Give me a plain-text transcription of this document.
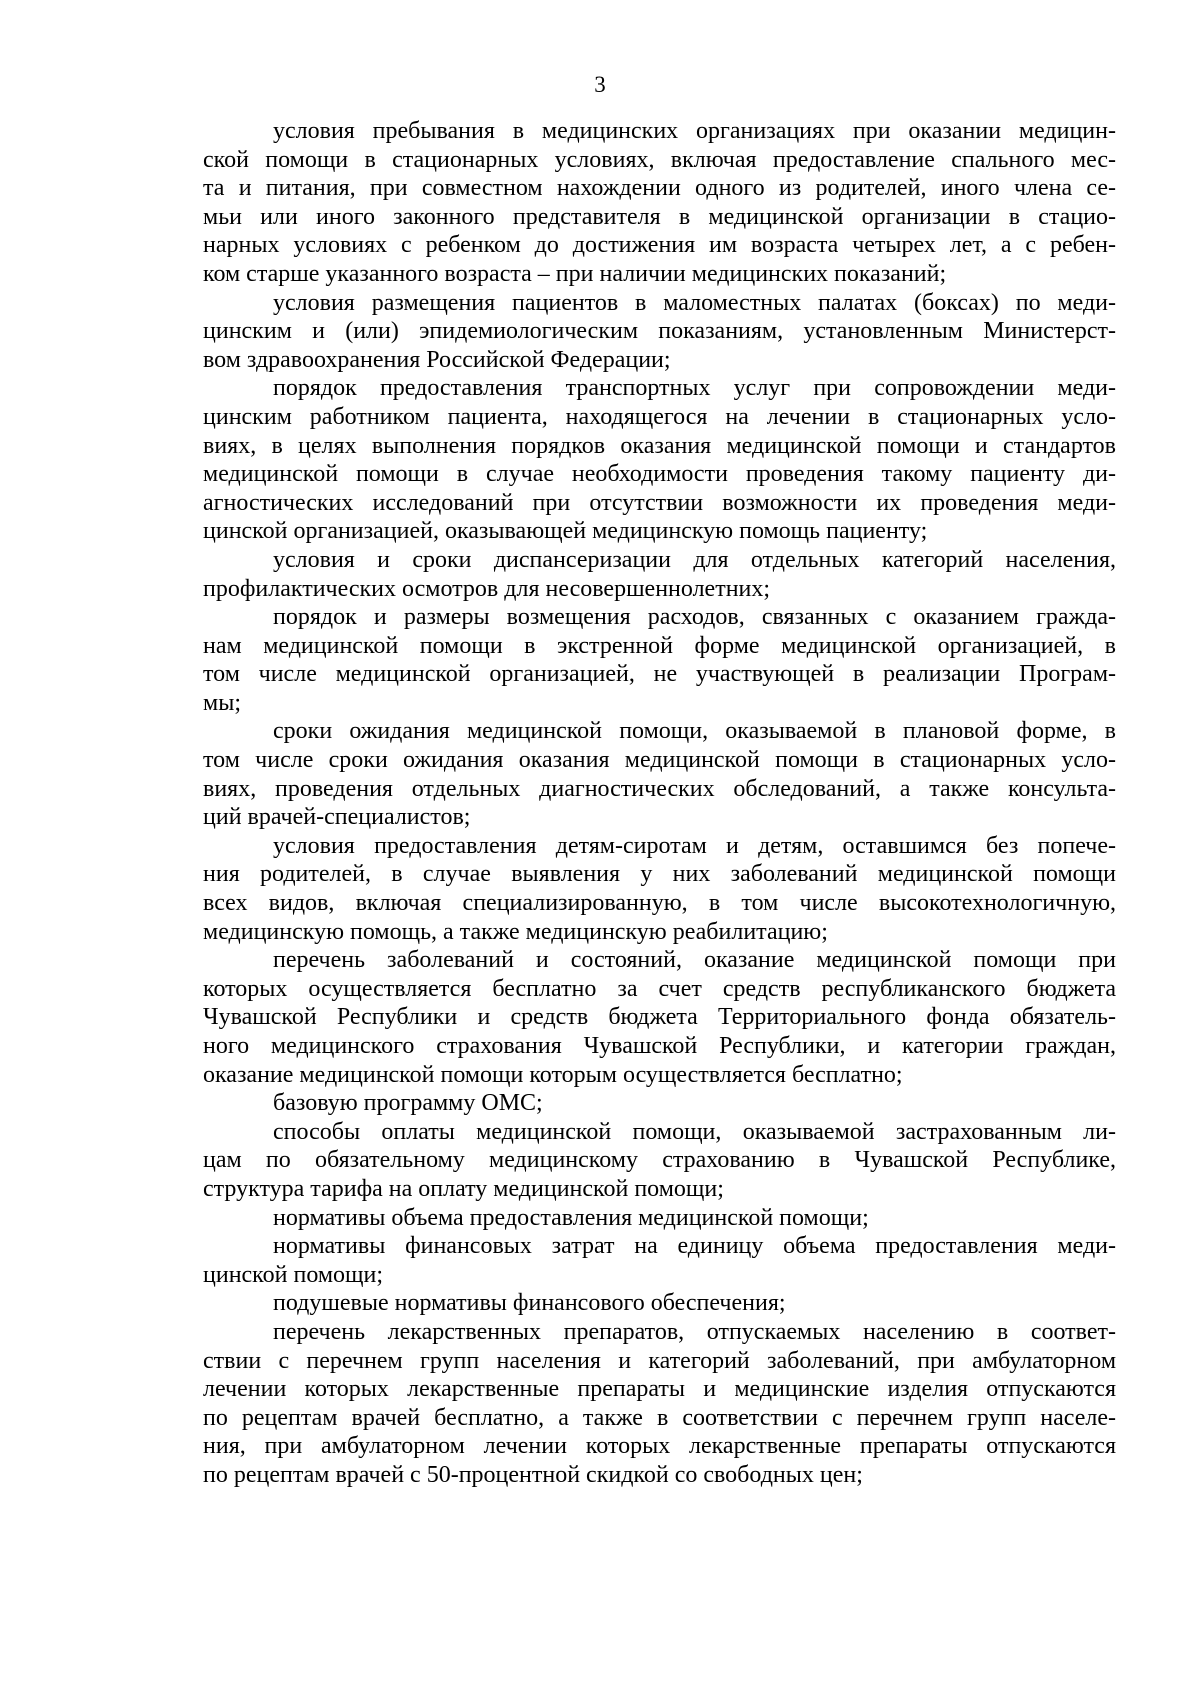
3
условия пребывания в медицинских организациях при оказании медицин-
ской помощи в стационарных условиях, включая предоставление спального мес-
та и питания, при совместном нахождении одного из родителей, иного члена се-
мьи или иного законного представителя в медицинской организации в стацио-
нарных условиях с ребенком до достижения им возраста четырех лет, а с ребен-
ком старше указанного возраста – при наличии медицинских показаний;
условия размещения пациентов в маломестных палатах (боксах) по меди-
цинским и (или) эпидемиологическим показаниям, установленным Министерст-
вом здравоохранения Российской Федерации;
порядок предоставления транспортных услуг при сопровождении меди-
цинским работником пациента, находящегося на лечении в стационарных усло-
виях, в целях выполнения порядков оказания медицинской помощи и стандартов
медицинской помощи в случае необходимости проведения такому пациенту ди-
агностических исследований при отсутствии возможности их проведения меди-
цинской организацией, оказывающей медицинскую помощь пациенту;
условия и сроки диспансеризации для отдельных категорий населения,
профилактических осмотров для несовершеннолетних;
порядок и размеры возмещения расходов, связанных с оказанием гражда-
нам медицинской помощи в экстренной форме медицинской организацией, в
том числе медицинской организацией, не участвующей в реализации Програм-
мы;
сроки ожидания медицинской помощи, оказываемой в плановой форме, в
том числе сроки ожидания оказания медицинской помощи в стационарных усло-
виях, проведения отдельных диагностических обследований, а также консульта-
ций врачей-специалистов;
условия предоставления детям-сиротам и детям, оставшимся без попече-
ния родителей, в случае выявления у них заболеваний медицинской помощи
всех видов, включая специализированную, в том числе высокотехнологичную,
медицинскую помощь, а также медицинскую реабилитацию;
перечень заболеваний и состояний, оказание медицинской помощи при
которых осуществляется бесплатно за счет средств республиканского бюджета
Чувашской Республики и средств бюджета Территориального фонда обязатель-
ного медицинского страхования Чувашской Республики, и категории граждан,
оказание медицинской помощи которым осуществляется бесплатно;
базовую программу ОМС;
способы оплаты медицинской помощи, оказываемой застрахованным ли-
цам по обязательному медицинскому страхованию в Чувашской Республике,
структура тарифа на оплату медицинской помощи;
нормативы объема предоставления медицинской помощи;
нормативы финансовых затрат на единицу объема предоставления меди-
цинской помощи;
подушевые нормативы финансового обеспечения;
перечень лекарственных препаратов, отпускаемых населению в соответ-
ствии с перечнем групп населения и категорий заболеваний, при амбулаторном
лечении которых лекарственные препараты и медицинские изделия отпускаются
по рецептам врачей бесплатно, а также в соответствии с перечнем групп населе-
ния, при амбулаторном лечении которых лекарственные препараты отпускаются
по рецептам врачей с 50-процентной скидкой со свободных цен;
